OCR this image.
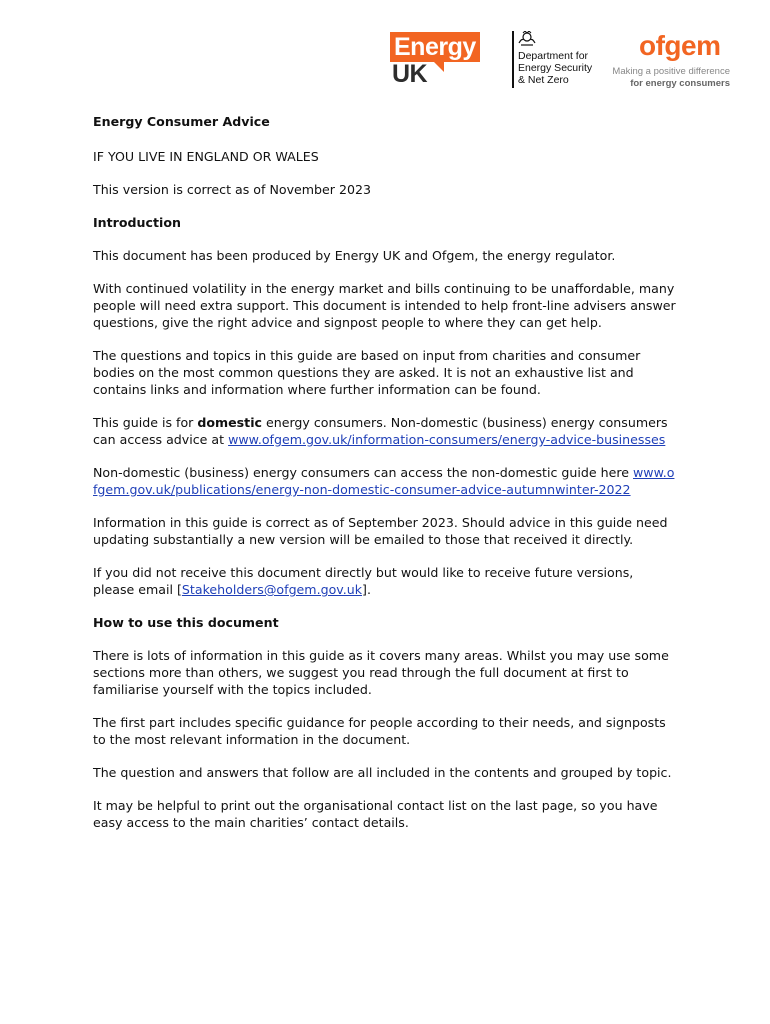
Energy
UK
Department for
Energy Security
& Net Zero
ofgem
Making a positive difference
for energy consumers

Energy Consumer Advice

IF YOU LIVE IN ENGLAND OR WALES

This version is correct as of November 2023

Introduction

This document has been produced by Energy UK and Ofgem, the energy regulator.

With continued volatility in the energy market and bills continuing to be unaffordable, many people will need extra support. This document is intended to help front-line advisers answer questions, give the right advice and signpost people to where they can get help.

The questions and topics in this guide are based on input from charities and consumer bodies on the most common questions they are asked. It is not an exhaustive list and contains links and information where further information can be found.

This guide is for domestic energy consumers. Non-domestic (business) energy consumers can access advice at www.ofgem.gov.uk/information-consumers/energy-advice-businesses

Non-domestic (business) energy consumers can access the non-domestic guide here www.ofgem.gov.uk/publications/energy-non-domestic-consumer-advice-autumnwinter-2022

Information in this guide is correct as of September 2023. Should advice in this guide need updating substantially a new version will be emailed to those that received it directly.

If you did not receive this document directly but would like to receive future versions, please email [Stakeholders@ofgem.gov.uk].

How to use this document

There is lots of information in this guide as it covers many areas. Whilst you may use some sections more than others, we suggest you read through the full document at first to familiarise yourself with the topics included.

The first part includes specific guidance for people according to their needs, and signposts to the most relevant information in the document.

The question and answers that follow are all included in the contents and grouped by topic.

It may be helpful to print out the organisational contact list on the last page, so you have easy access to the main charities’ contact details.
